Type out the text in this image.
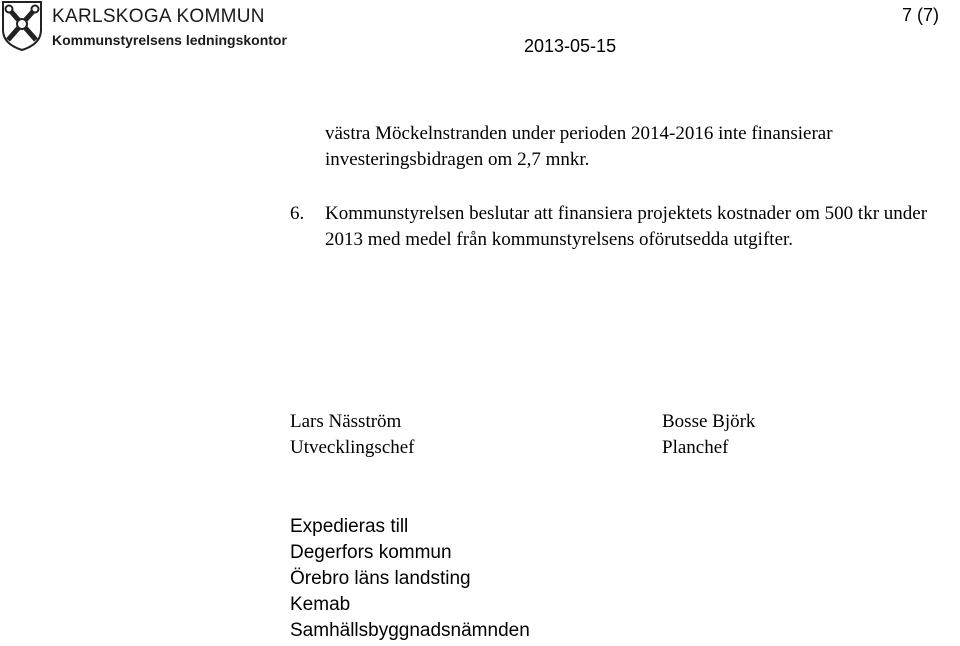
KARLSKOGA KOMMUN
Kommunstyrelsens ledningskontor	2013-05-15
7 (7)
västra Möckelnstranden under perioden 2014-2016 inte finansierar investeringsbidragen om 2,7 mnkr.
6. Kommunstyrelsen beslutar att finansiera projektets kostnader om 500 tkr under 2013 med medel från kommunstyrelsens oförutsedda utgifter.
Lars Näsström
Utvecklingschef
Bosse Björk
Planchef
Expedieras till
Degerfors kommun
Örebro läns landsting
Kemab
Samhällsbyggnadsnämnden
